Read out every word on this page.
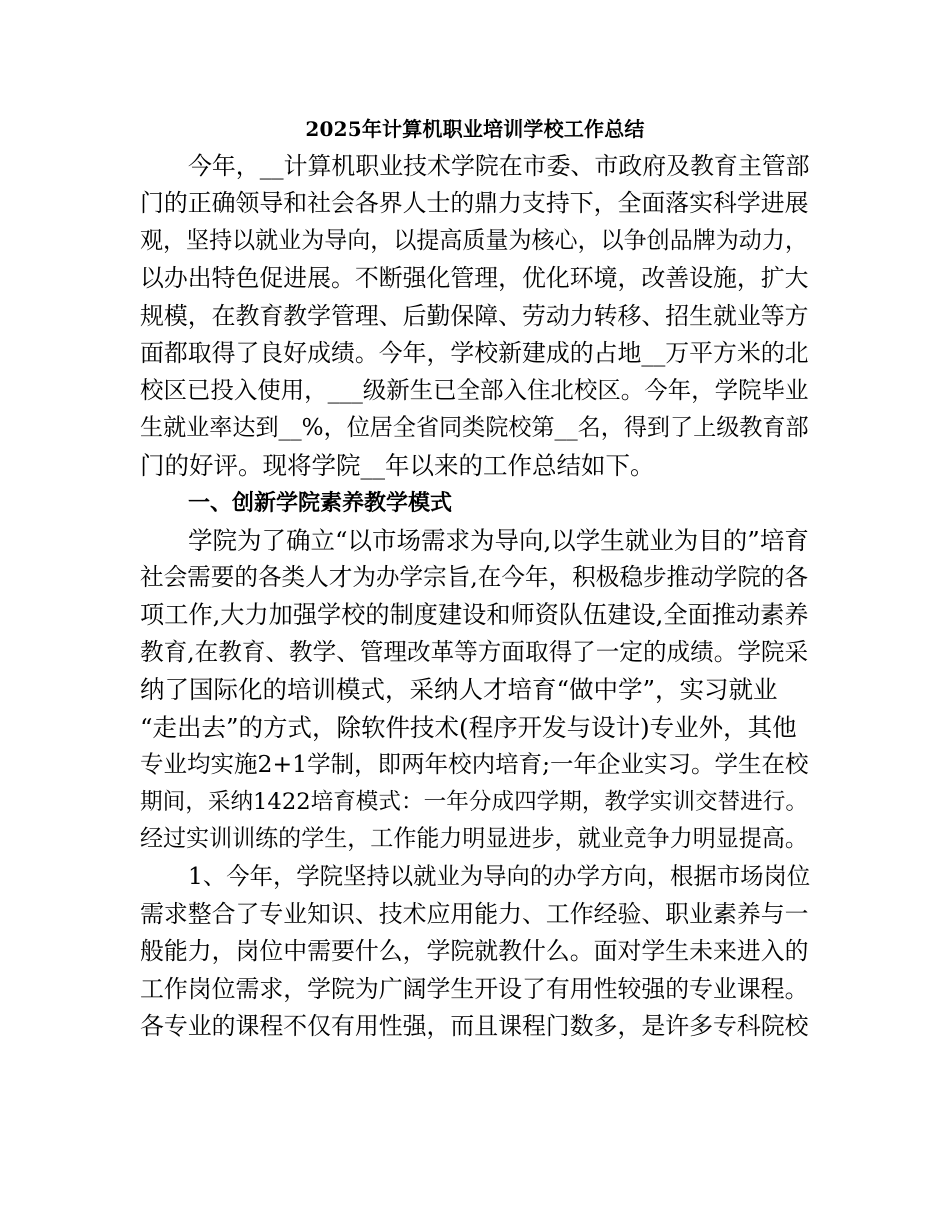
2025年计算机职业培训学校工作总结
今年，__计算机职业技术学院在市委、市政府及教育主管部
门的正确领导和社会各界人士的鼎力支持下，全面落实科学进展
观，坚持以就业为导向，以提高质量为核心，以争创品牌为动力，
以办出特色促进展。不断强化管理，优化环境，改善设施，扩大
规模，在教育教学管理、后勤保障、劳动力转移、招生就业等方
面都取得了良好成绩。今年，学校新建成的占地__万平方米的北
校区已投入使用，___级新生已全部入住北校区。今年，学院毕业
生就业率达到__%，位居全省同类院校第__名，得到了上级教育部
门的好评。现将学院__年以来的工作总结如下。
一、创新学院素养教学模式
学院为了确立“以市场需求为导向,以学生就业为目的”培育
社会需要的各类人才为办学宗旨,在今年，积极稳步推动学院的各
项工作,大力加强学校的制度建设和师资队伍建设,全面推动素养
教育,在教育、教学、管理改革等方面取得了一定的成绩。学院采
纳了国际化的培训模式，采纳人才培育“做中学”，实习就业
“走出去”的方式，除软件技术(程序开发与设计)专业外，其他
专业均实施2+1学制，即两年校内培育;一年企业实习。学生在校
期间，采纳1422培育模式：一年分成四学期，教学实训交替进行。
经过实训训练的学生，工作能力明显进步，就业竞争力明显提高。
1、今年，学院坚持以就业为导向的办学方向，根据市场岗位
需求整合了专业知识、技术应用能力、工作经验、职业素养与一
般能力，岗位中需要什么，学院就教什么。面对学生未来进入的
工作岗位需求，学院为广阔学生开设了有用性较强的专业课程。
各专业的课程不仅有用性强，而且课程门数多，是许多专科院校
